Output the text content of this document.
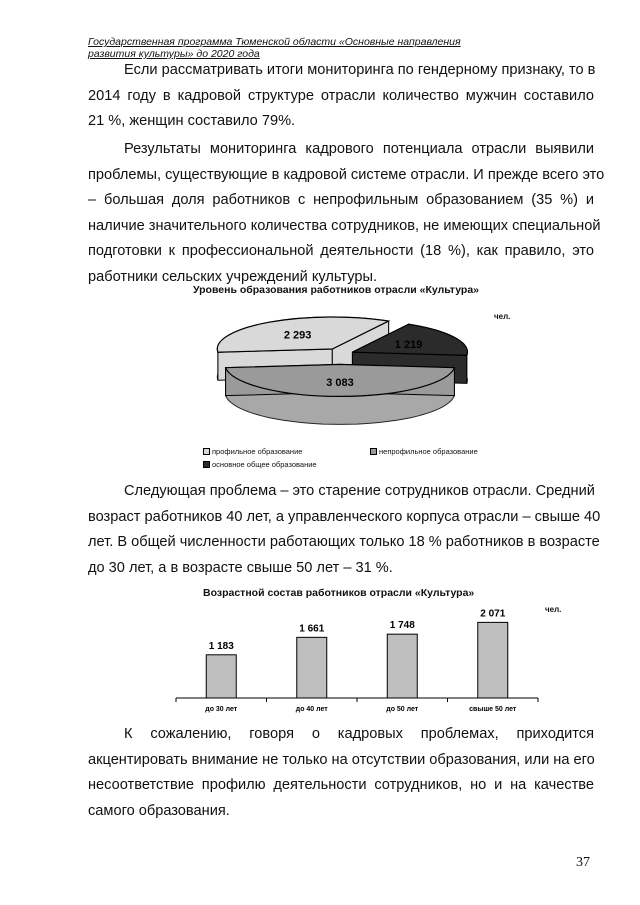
Государственная программа Тюменской области «Основные направления
развития культуры» до 2020 года
Если рассматривать итоги мониторинга по гендерному признаку, то в
2014 году в кадровой структуре отрасли количество мужчин составило
21 %, женщин составило 79%.
Результаты мониторинга кадрового потенциала отрасли выявили
проблемы, существующие в кадровой системе отрасли. И прежде всего это
– большая доля работников с непрофильным образованием (35 %) и
наличие значительного количества сотрудников, не имеющих специальной
подготовки к профессиональной деятельности (18 %), как правило, это
работники сельских учреждений культуры.
Уровень образования работников отрасли «Культура»
чел.
2 293
1 219
3 083
профильное образование
основное общее образование
непрофильное образование
Следующая проблема – это старение сотрудников отрасли. Средний
возраст работников 40 лет, а управленческого корпуса отрасли – свыше 40
лет. В общей численности работающих только 18 % работников в возрасте
до 30 лет, а в возрасте свыше 50 лет – 31 %.
Возрастной состав работников отрасли «Культура»
чел.
1 183
до 30 лет
1 661
до 40 лет
1 748
до 50 лет
2 071
свыше 50 лет
К сожалению, говоря о кадровых проблемах, приходится
акцентировать внимание не только на отсутствии образования, или на его
несоответствие профилю деятельности сотрудников, но и на качестве
самого образования.
37
